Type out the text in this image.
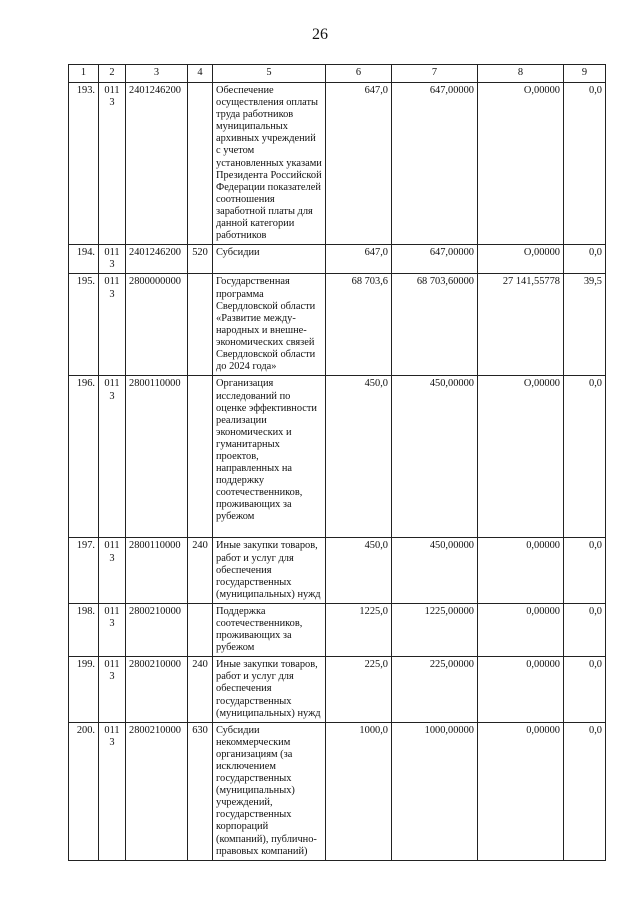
26
1	2	3	4	5	6	7	8	9
193.	0113	2401246200		Обеспечение осуществления оплаты труда работников муниципальных архивных учреждений с учетом установленных указами Президента Российской Федерации показателей соотношения заработной платы для данной категории работников	647,0	647,00000	O,00000	0,0
194.	0113	2401246200	520	Субсидии	647,0	647,00000	O,00000	0,0
195.	0113	2800000000		Государственная программа Свердловской области «Развитие между-народных и внешне-экономических связей Свердловской области до 2024 года»	68 703,6	68 703,60000	27 141,55778	39,5
196.	0113	2800110000		Организация исследований по оценке эффективности реализации экономических и гуманитарных проектов, направленных на поддержку соотечественников, проживающих за рубежом	450,0	450,00000	O,00000	0,0
197.	0113	2800110000	240	Иные закупки товаров, работ и услуг для обеспечения государственных (муниципальных) нужд	450,0	450,00000	0,00000	0,0
198.	0113	2800210000		Поддержка соотечественников, проживающих за рубежом	1225,0	1225,00000	0,00000	0,0
199.	0113	2800210000	240	Иные закупки товаров, работ и услуг для обеспечения государственных (муниципальных) нужд	225,0	225,00000	0,00000	0,0
200.	0113	2800210000	630	Субсидии некоммерческим организациям (за исключением государственных (муниципальных) учреждений, государственных корпораций (компаний), публично-правовых компаний)	1000,0	1000,00000	0,00000	0,0
